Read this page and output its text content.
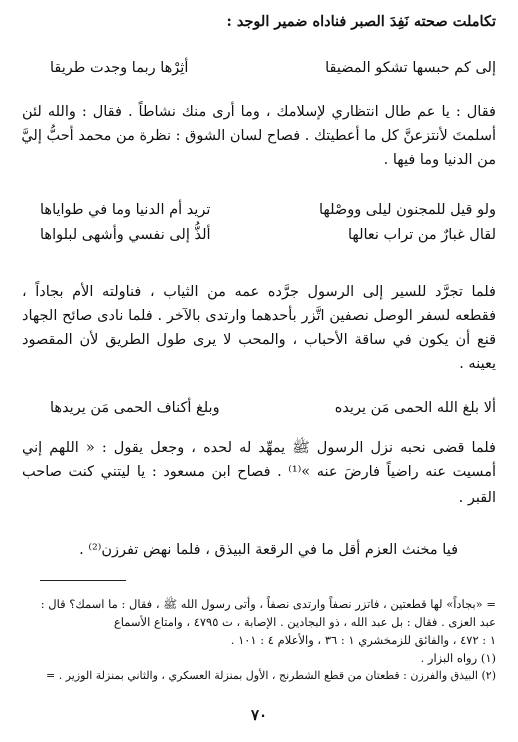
تكاملت صحته نَفِدَ الصبر فناداه ضمير الوجد :
إلى كم حبسها تشكو المضيقا
أثِرْها ربما وجدت طريقا
فقال : يا عم طال انتظاري لإسلامك ، وما أرى منك نشاطاً . فقال : والله لئن
أسلمتَ لأنتزعنَّ كل ما أعطيتك . فصاح لسان الشوق : نظرة من محمد أحبُّ إليَّ
من الدنيا وما فيها .
ولو قيل للمجنون ليلى ووصْلها
تريد أم الدنيا وما في طواياها
لقال غبارٌ من تراب نعالها
ألذُّ إلى نفسي وأشهى لبلواها
فلما تجرَّد للسير إلى الرسول جرَّده عمه من الثياب ، فناولته الأم بجاداً ،
فقطعه لسفر الوصل نصفين اتَّزر بأحدهما وارتدى بالآخر . فلما نادى صائح الجهاد
قنع أن يكون في ساقة الأحباب ، والمحب لا يرى طول الطريق لأن المقصود
يعينه .
ألا بلغ الله الحمى مَن يريده
وبلغ أكناف الحمى مَن يريدها
فلما قضى نحبه نزل الرسول ﷺ يمهِّد له لحده ، وجعل يقول : « اللهم إني
أمسيت عنه راضياً فارضَ عنه »⁽¹⁾ . فصاح ابن مسعود : يا ليتني كنت صاحب
القبر .
فيا مخنث العزم أقل ما في الرقعة البيذق ، فلما نهض تفرزن⁽²⁾ .
= «بجاداً» لها قطعتين ، فاتزر نصفاً وارتدى نصفاً ، وأتى رسول الله ﷺ ، فقال : ما اسمك؟ قال :
عبد العزى . فقال : بل عبد الله ، ذو البجادين . الإصابة ، ت ٤٧٩٥ ، وامتاع الأسماع
١ : ٤٧٢ ، والفائق للزمخشري ١ : ٣٦ ، والأعلام ٤ : ١٠١ .
(١) رواه البزار .
(٢) البيذق والفرزن : قطعتان من قطع الشطرنج ، الأول بمنزلة العسكري ، والثاني بمنزلة الوزير . =
٧٠
